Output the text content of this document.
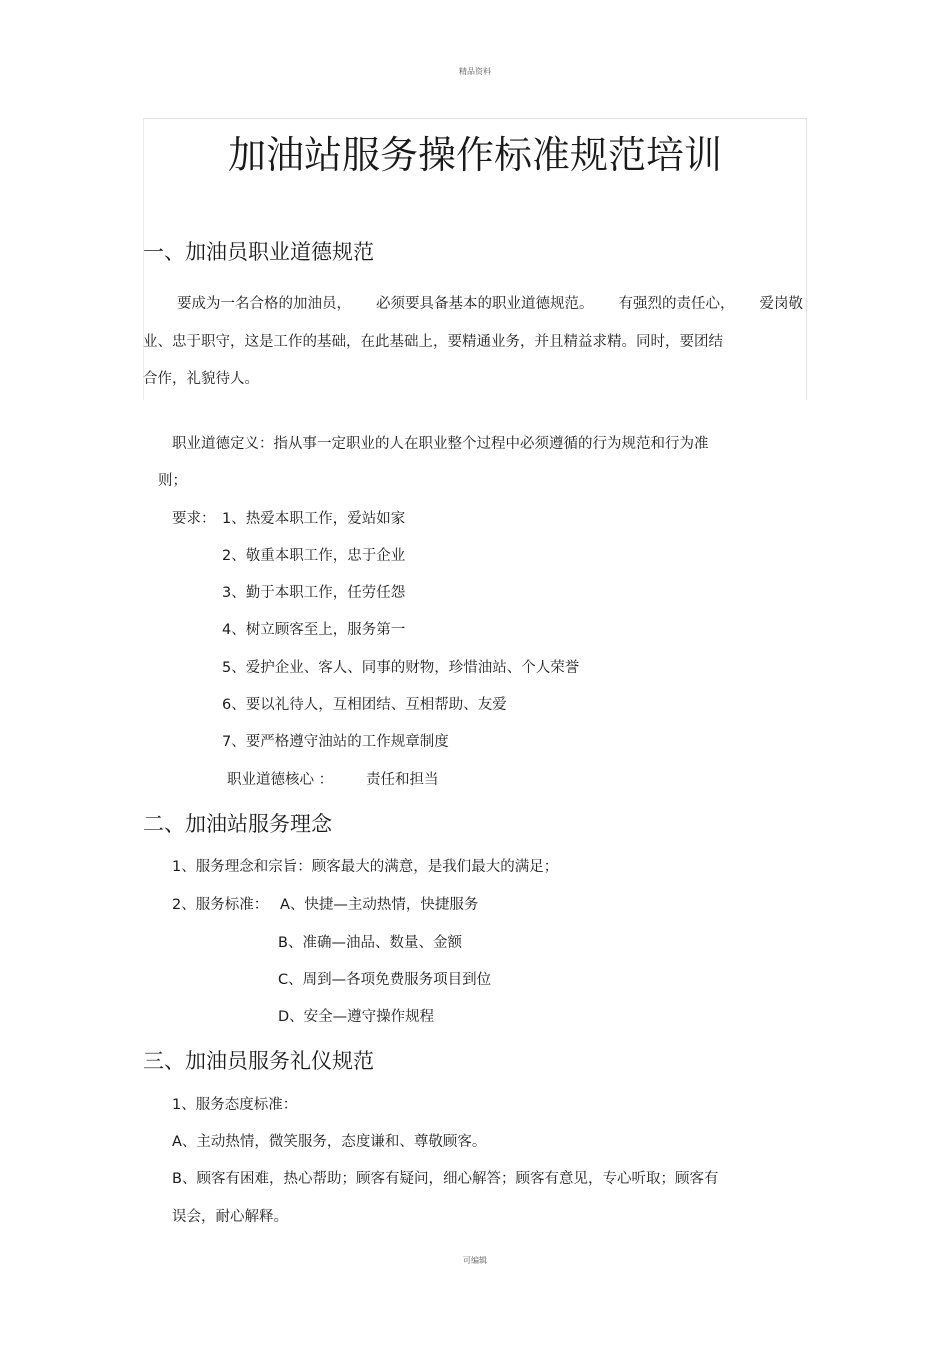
精品资料
加油站服务操作标准规范培训
一、加油员职业道德规范
要成为一名合格的加油员， 必须要具备基本的职业道德规范。 有强烈的责任心， 爱岗敬
业、忠于职守，这是工作的基础，在此基础上，要精通业务，并且精益求精。同时，要团结
合作，礼貌待人。
职业道德定义：指从事一定职业的人在职业整个过程中必须遵循的行为规范和行为准
则；
要求： 1、热爱本职工作，爱站如家
2、敬重本职工作，忠于企业
3、勤于本职工作，任劳任怨
4、树立顾客至上，服务第一
5、爱护企业、客人、同事的财物，珍惜油站、个人荣誉
6、要以礼待人，互相团结、互相帮助、友爱
7、要严格遵守油站的工作规章制度
职业道德核心 ： 责任和担当
二、加油站服务理念
1、服务理念和宗旨：顾客最大的满意，是我们最大的满足；
2、服务标准： A、快捷—主动热情，快捷服务
B、准确—油品、数量、金额
C、周到—各项免费服务项目到位
D、安全—遵守操作规程
三、加油员服务礼仪规范
1、服务态度标准：
A、主动热情，微笑服务，态度谦和、尊敬顾客。
B、顾客有困难，热心帮助；顾客有疑问，细心解答；顾客有意见，专心听取；顾客有
误会，耐心解释。
可编辑
